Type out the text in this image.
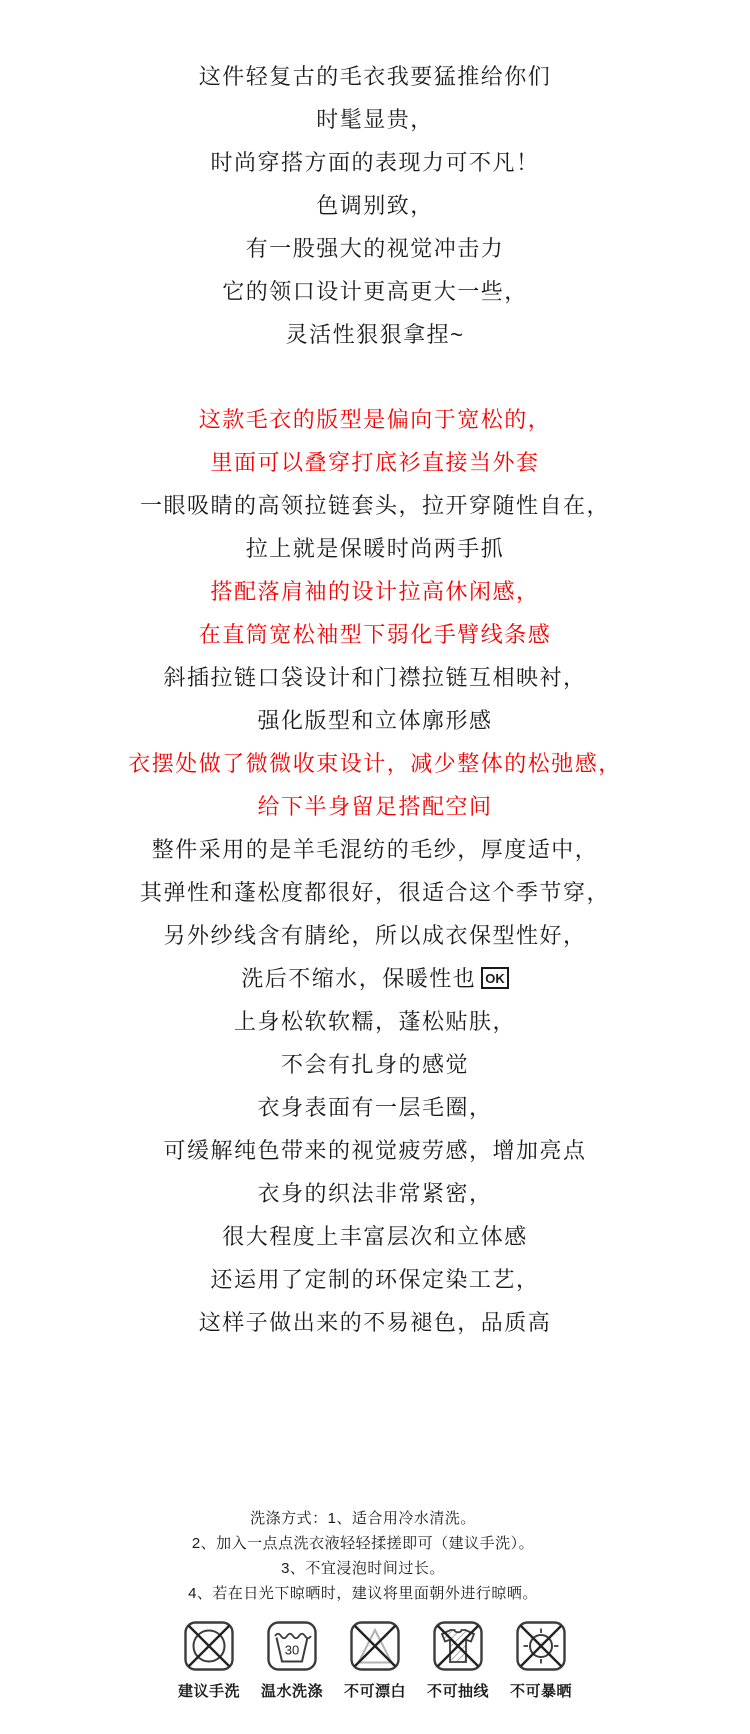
这件轻复古的毛衣我要猛推给你们
时髦显贵，
时尚穿搭方面的表现力可不凡！
色调别致，
有一股强大的视觉冲击力
它的领口设计更高更大一些，
灵活性狠狠拿捏~
这款毛衣的版型是偏向于宽松的，
里面可以叠穿打底衫直接当外套
一眼吸睛的高领拉链套头，拉开穿随性自在，
拉上就是保暖时尚两手抓
搭配落肩袖的设计拉高休闲感，
在直筒宽松袖型下弱化手臂线条感
斜插拉链口袋设计和门襟拉链互相映衬，
强化版型和立体廓形感
衣摆处做了微微收束设计，减少整体的松弛感，
给下半身留足搭配空间
整件采用的是羊毛混纺的毛纱，厚度适中，
其弹性和蓬松度都很好，很适合这个季节穿，
另外纱线含有腈纶，所以成衣保型性好，
洗后不缩水，保暖性也 OK
上身松软软糯，蓬松贴肤，
不会有扎身的感觉
衣身表面有一层毛圈，
可缓解纯色带来的视觉疲劳感，增加亮点
衣身的织法非常紧密，
很大程度上丰富层次和立体感
还运用了定制的环保定染工艺，
这样子做出来的不易褪色，品质高
洗涤方式：1、适合用冷水清洗。
2、加入一点点洗衣液轻轻揉搓即可（建议手洗）。
3、不宜浸泡时间过长。
4、若在日光下晾晒时，建议将里面朝外进行晾晒。
建议手洗
30
温水洗涤 不可漂白 不可抽线 不可暴晒
